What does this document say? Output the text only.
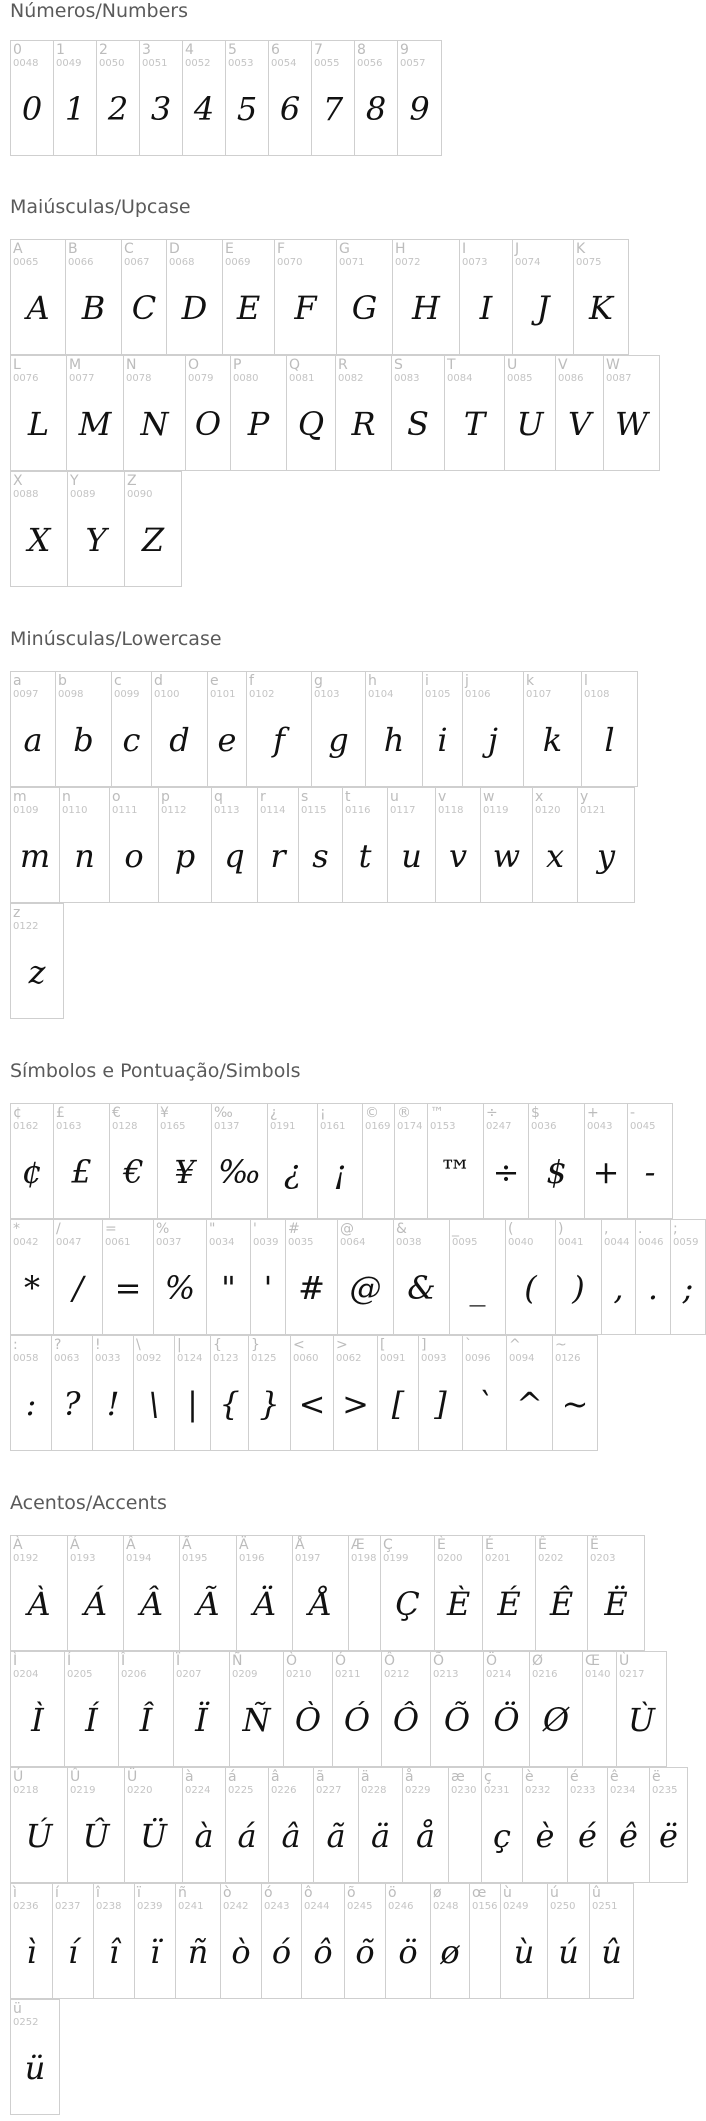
Números/Numbers
0
0048
0
1
0049
1
2
0050
2
3
0051
3
4
0052
4
5
0053
5
6
0054
6
7
0055
7
8
0056
8
9
0057
9
Maiúsculas/Upcase
A
0065
A
B
0066
B
C
0067
C
D
0068
D
E
0069
E
F
0070
F
G
0071
G
H
0072
H
I
0073
I
J
0074
J
K
0075
K
L
0076
L
M
0077
M
N
0078
N
O
0079
O
P
0080
P
Q
0081
Q
R
0082
R
S
0083
S
T
0084
T
U
0085
U
V
0086
V
W
0087
W
X
0088
X
Y
0089
Y
Z
0090
Z
Minúsculas/Lowercase
a
0097
a
b
0098
b
c
0099
c
d
0100
d
e
0101
e
f
0102
f
g
0103
g
h
0104
h
i
0105
i
j
0106
j
k
0107
k
l
0108
l
m
0109
m
n
0110
n
o
0111
o
p
0112
p
q
0113
q
r
0114
r
s
0115
s
t
0116
t
u
0117
u
v
0118
v
w
0119
w
x
0120
x
y
0121
y
z
0122
z
Símbolos e Pontuação/Simbols
¢
0162
¢
£
0163
£
€
0128
€
¥
0165
¥
‰
0137
‰
¿
0191
¿
¡
0161
¡
©
0169
®
0174
™
0153
™
÷
0247
÷
$
0036
$
+
0043
+
-
0045
-
*
0042
*
/
0047
/
=
0061
=
%
0037
%
"
0034
"
'
0039
'
#
0035
#
@
0064
@
&
0038
&
_
0095
_
(
0040
(
)
0041
)
,
0044
,
.
0046
.
;
0059
;
:
0058
:
?
0063
?
!
0033
!
\
0092
\
|
0124
|
{
0123
{
}
0125
}
<
0060
<
>
0062
>
[
0091
[
]
0093
]
`
0096
`
^
0094
^
~
0126
~
Acentos/Accents
À
0192
À
Á
0193
Á
Â
0194
Â
Ã
0195
Ã
Ä
0196
Ä
Å
0197
Å
Æ
0198
Ç
0199
Ç
È
0200
È
É
0201
É
Ê
0202
Ê
Ë
0203
Ë
Ì
0204
Ì
Í
0205
Í
Î
0206
Î
Ï
0207
Ï
Ñ
0209
Ñ
Ò
0210
Ò
Ó
0211
Ó
Ô
0212
Ô
Õ
0213
Õ
Ö
0214
Ö
Ø
0216
Ø
Œ
0140
Ù
0217
Ù
Ú
0218
Ú
Û
0219
Û
Ü
0220
Ü
à
0224
à
á
0225
á
â
0226
â
ã
0227
ã
ä
0228
ä
å
0229
å
æ
0230
ç
0231
ç
è
0232
è
é
0233
é
ê
0234
ê
ë
0235
ë
ì
0236
ì
í
0237
í
î
0238
î
ï
0239
ï
ñ
0241
ñ
ò
0242
ò
ó
0243
ó
ô
0244
ô
õ
0245
õ
ö
0246
ö
ø
0248
ø
œ
0156
ù
0249
ù
ú
0250
ú
û
0251
û
ü
0252
ü
